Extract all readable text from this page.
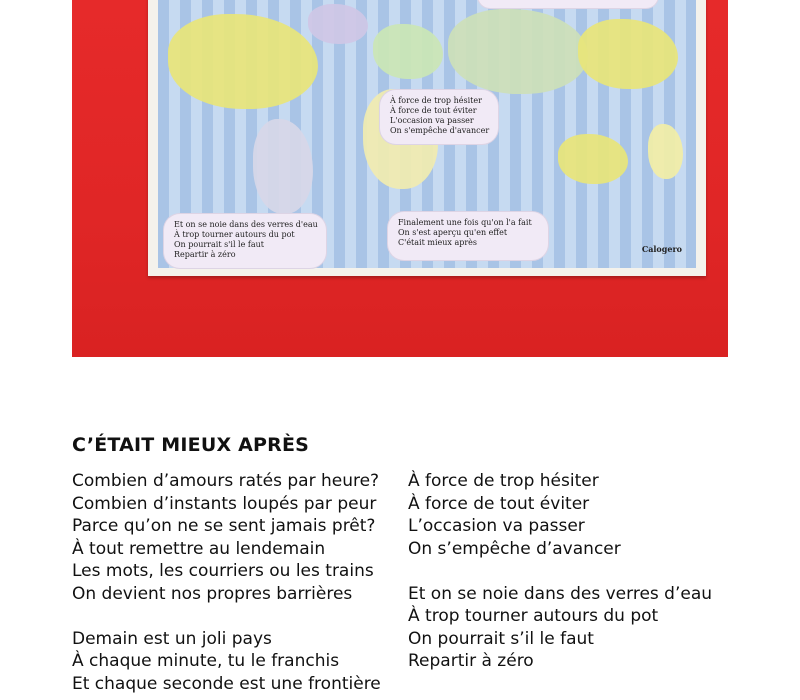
À force de trop hésiter
À force de tout éviter
L'occasion va passer
On s'empêche d'avancer
Et on se noie dans des verres d'eau
À trop tourner autours du pot
On pourrait s'il le faut
Repartir à zéro
Finalement une fois qu'on l'a fait
On s'est aperçu qu'en effet
C'était mieux après
Calogero
C’ÉTAIT MIEUX APRÈS
Combien d’amours ratés par heure?
Combien d’instants loupés par peur
Parce qu’on ne se sent jamais prêt?
À tout remettre au lendemain
Les mots, les courriers ou les trains
On devient nos propres barrières
Demain est un joli pays
À chaque minute, tu le franchis
Et chaque seconde est une frontière
À force de trop hésiter
À force de tout éviter
L’occasion va passer
On s’empêche d’avancer
Et on se noie dans des verres d’eau
À trop tourner autours du pot
On pourrait s’il le faut
Repartir à zéro
